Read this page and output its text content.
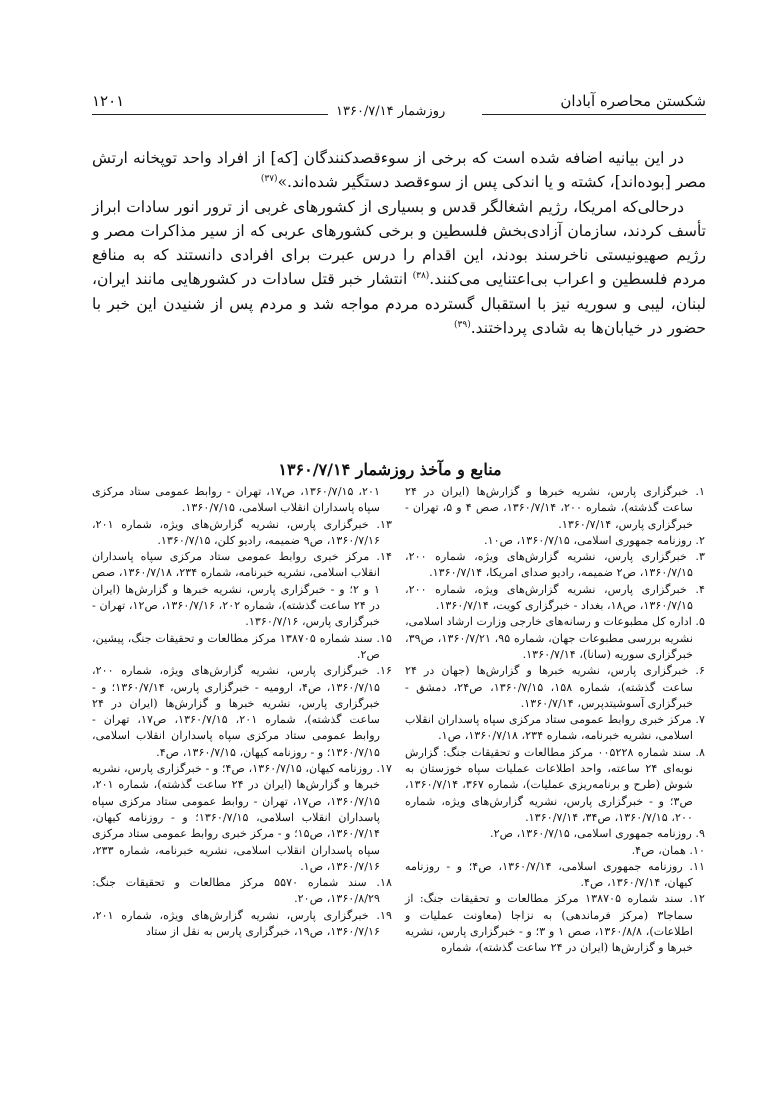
شکستن محاصره آبادان
۱۲۰۱
روزشمار ۱۳۶۰/۷/۱۴

در این بیانیه اضافه شده است که برخی از سوءقصدکنندگان [که] از افراد واحد توپخانه ارتش مصر [بوده‌اند]، کشته و یا اندکی پس از سوءقصد دستگیر شده‌اند.»$^{(۳۷)}$

درحالی‌که امریکا، رژیم اشغالگر قدس و بسیاری از کشورهای غربی از ترور انور سادات ابراز تأسف کردند، سازمان آزادی‌بخش فلسطین و برخی کشورهای عربی که از سیر مذاکرات مصر و رژیم صهیونیستی ناخرسند بودند، این اقدام را درس عبرت برای افرادی دانستند که به منافع مردم فلسطین و اعراب بی‌اعتنایی می‌کنند.$^{(۳۸)}$ انتشار خبر قتل سادات در کشورهایی مانند ایران، لبنان، لیبی و سوریه نیز با استقبال گسترده مردم مواجه شد و مردم پس از شنیدن این خبر با حضور در خیابان‌ها به شادی پرداختند.$^{(۳۹)}$

منابع و مآخذ روزشمار ۱۳۶۰/۷/۱۴

۱. خبرگزاری پارس، نشریه خبرها و گزارش‌ها (ایران در ۲۴ ساعت گذشته)، شماره ۲۰۰، ۱۳۶۰/۷/۱۴، صص ۴ و ۵، تهران - خبرگزاری پارس، ۱۳۶۰/۷/۱۴.

۲. روزنامه جمهوری اسلامی، ۱۳۶۰/۷/۱۵، ص۱۰.

۳. خبرگزاری پارس، نشریه گزارش‌های ویژه، شماره ۲۰۰، ۱۳۶۰/۷/۱۵، ص۲ ضمیمه، رادیو صدای امریکا، ۱۳۶۰/۷/۱۴.

۴. خبرگزاری پارس، نشریه گزارش‌های ویژه، شماره ۲۰۰، ۱۳۶۰/۷/۱۵، ص۱۸، بغداد - خبرگزاری کویت، ۱۳۶۰/۷/۱۴.

۵. اداره کل مطبوعات و رسانه‌های خارجی وزارت ارشاد اسلامی، نشریه بررسی مطبوعات جهان، شماره ۹۵، ۱۳۶۰/۷/۲۱، ص۳۹، خبرگزاری سوریه (سانا)، ۱۳۶۰/۷/۱۴.

۶. خبرگزاری پارس، نشریه خبرها و گزارش‌ها (جهان در ۲۴ ساعت گذشته)، شماره ۱۵۸، ۱۳۶۰/۷/۱۵، ص۲۴، دمشق - خبرگزاری آسوشیتدپرس، ۱۳۶۰/۷/۱۴.

۷. مرکز خبری روابط عمومی ستاد مرکزی سپاه پاسداران انقلاب اسلامی، نشریه خبرنامه، شماره ۲۳۴، ۱۳۶۰/۷/۱۸، ص۱.

۸. سند شماره ۰۰۵۲۲۸ مرکز مطالعات و تحقیقات جنگ: گزارش نوبه‌ای ۲۴ ساعته، واحد اطلاعات عملیات سپاه خوزستان به شوش (طرح و برنامه‌ریزی عملیات)، شماره ۳۶۷، ۱۳۶۰/۷/۱۴، ص۳؛ و - خبرگزاری پارس، نشریه گزارش‌های ویژه، شماره ۲۰۰، ۱۳۶۰/۷/۱۵، ص۳۴، ۱۳۶۰/۷/۱۴.

۹. روزنامه جمهوری اسلامی، ۱۳۶۰/۷/۱۵، ص۲.

۱۰. همان، ص۴.

۱۱. روزنامه جمهوری اسلامی، ۱۳۶۰/۷/۱۴، ص۴؛ و - روزنامه کیهان، ۱۳۶۰/۷/۱۴، ص۴.

۱۲. سند شماره ۱۳۸۷۰۵ مرکز مطالعات و تحقیقات جنگ: از سماجا۳ (مرکز فرماندهی) به نزاجا (معاونت عملیات و اطلاعات)، ۱۳۶۰/۸/۸، صص ۱ و ۳؛ و - خبرگزاری پارس، نشریه خبرها و گزارش‌ها (ایران در ۲۴ ساعت گذشته)، شماره

۲۰۱، ۱۳۶۰/۷/۱۵، ص۱۷، تهران - روابط عمومی ستاد مرکزی سپاه پاسداران انقلاب اسلامی، ۱۳۶۰/۷/۱۵.

۱۳. خبرگزاری پارس، نشریه گزارش‌های ویژه، شماره ۲۰۱، ۱۳۶۰/۷/۱۶، ص۹ ضمیمه، رادیو کلن، ۱۳۶۰/۷/۱۵.

۱۴. مرکز خبری روابط عمومی ستاد مرکزی سپاه پاسداران انقلاب اسلامی، نشریه خبرنامه، شماره ۲۳۴، ۱۳۶۰/۷/۱۸، صص ۱ و ۲؛ و - خبرگزاری پارس، نشریه خبرها و گزارش‌ها (ایران در ۲۴ ساعت گذشته)، شماره ۲۰۲، ۱۳۶۰/۷/۱۶، ص۱۲، تهران - خبرگزاری پارس، ۱۳۶۰/۷/۱۶.

۱۵. سند شماره ۱۳۸۷۰۵ مرکز مطالعات و تحقیقات جنگ، پیشین، ص۲.

۱۶. خبرگزاری پارس، نشریه گزارش‌های ویژه، شماره ۲۰۰، ۱۳۶۰/۷/۱۵، ص۴، ارومیه - خبرگزاری پارس، ۱۳۶۰/۷/۱۴؛ و - خبرگزاری پارس، نشریه خبرها و گزارش‌ها (ایران در ۲۴ ساعت گذشته)، شماره ۲۰۱، ۱۳۶۰/۷/۱۵، ص۱۷، تهران - روابط عمومی ستاد مرکزی سپاه پاسداران انقلاب اسلامی، ۱۳۶۰/۷/۱۵؛ و - روزنامه کیهان، ۱۳۶۰/۷/۱۵، ص۴.

۱۷. روزنامه کیهان، ۱۳۶۰/۷/۱۵، ص۴؛ و - خبرگزاری پارس، نشریه خبرها و گزارش‌ها (ایران در ۲۴ ساعت گذشته)، شماره ۲۰۱، ۱۳۶۰/۷/۱۵، ص۱۷، تهران - روابط عمومی ستاد مرکزی سپاه پاسداران انقلاب اسلامی، ۱۳۶۰/۷/۱۵؛ و - روزنامه کیهان، ۱۳۶۰/۷/۱۴، ص۱۵؛ و - مرکز خبری روابط عمومی ستاد مرکزی سپاه پاسداران انقلاب اسلامی، نشریه خبرنامه، شماره ۲۳۳، ۱۳۶۰/۷/۱۶، ص۱.

۱۸. سند شماره ۵۵۷۰ مرکز مطالعات و تحقیقات جنگ: ۱۳۶۰/۸/۲۹، ص۲۰.

۱۹. خبرگزاری پارس، نشریه گزارش‌های ویژه، شماره ۲۰۱، ۱۳۶۰/۷/۱۶، ص۱۹، خبرگزاری پارس به نقل از ستاد
